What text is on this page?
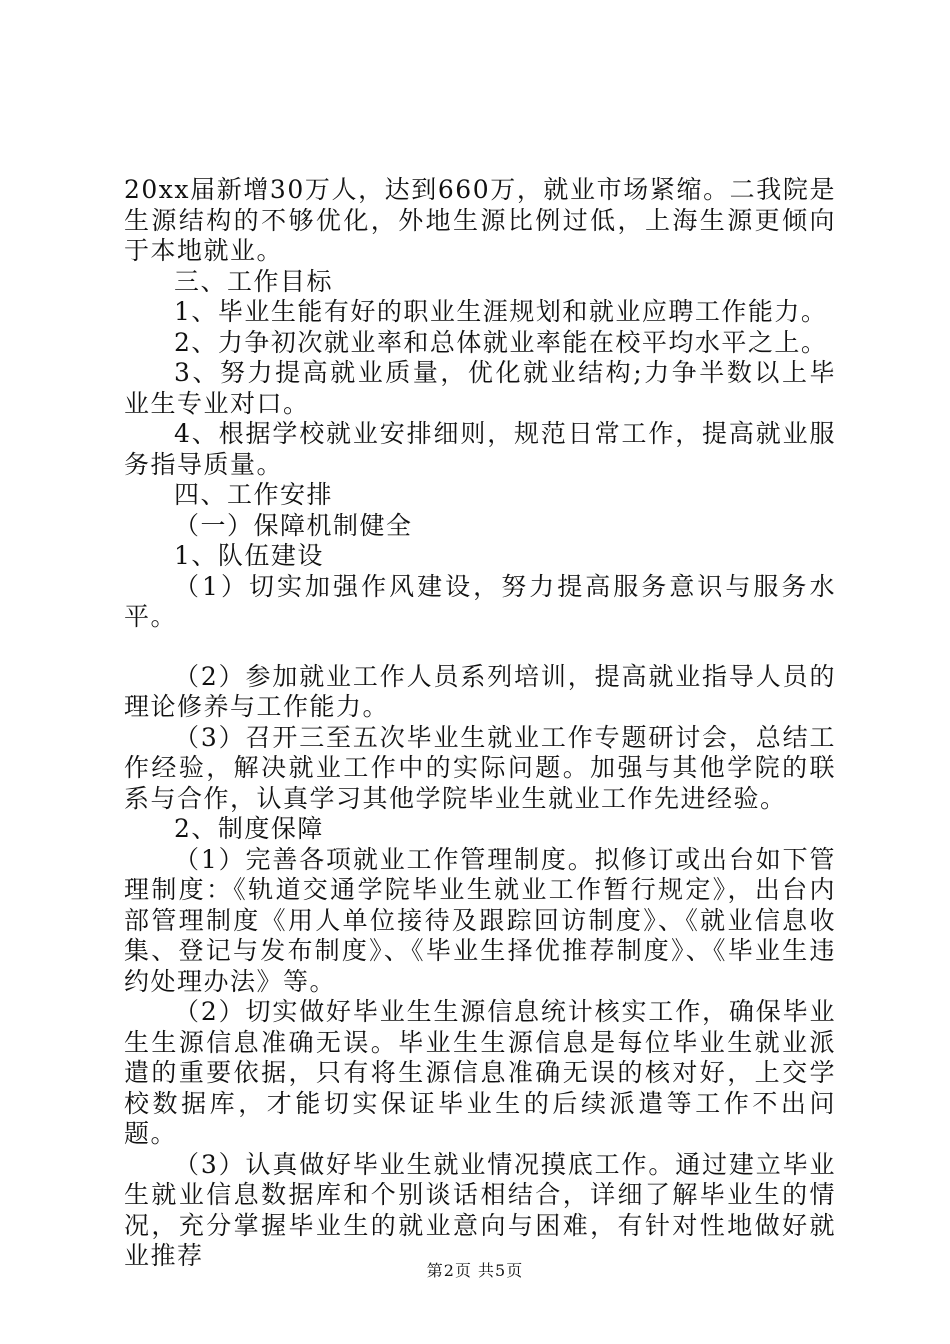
20xx届新增30万人，达到660万，就业市场紧缩。二我院是生源结构的不够优化，外地生源比例过低，上海生源更倾向于本地就业。

三、工作目标

1、毕业生能有好的职业生涯规划和就业应聘工作能力。

2、力争初次就业率和总体就业率能在校平均水平之上。

3、努力提高就业质量，优化就业结构;力争半数以上毕业生专业对口。

4、根据学校就业安排细则，规范日常工作，提高就业服务指导质量。

四、工作安排

（一）保障机制健全

1、队伍建设

（1）切实加强作风建设，努力提高服务意识与服务水平。

（2）参加就业工作人员系列培训，提高就业指导人员的理论修养与工作能力。

（3）召开三至五次毕业生就业工作专题研讨会，总结工作经验，解决就业工作中的实际问题。加强与其他学院的联系与合作，认真学习其他学院毕业生就业工作先进经验。

2、制度保障

（1）完善各项就业工作管理制度。拟修订或出台如下管理制度：《轨道交通学院毕业生就业工作暂行规定》，出台内部管理制度《用人单位接待及跟踪回访制度》、《就业信息收集、登记与发布制度》、《毕业生择优推荐制度》、《毕业生违约处理办法》等。

（2）切实做好毕业生生源信息统计核实工作，确保毕业生生源信息准确无误。毕业生生源信息是每位毕业生就业派遣的重要依据，只有将生源信息准确无误的核对好，上交学校数据库，才能切实保证毕业生的后续派遣等工作不出问题。

（3）认真做好毕业生就业情况摸底工作。通过建立毕业生就业信息数据库和个别谈话相结合，详细了解毕业生的情况，充分掌握毕业生的就业意向与困难，有针对性地做好就业推荐

第2页 共5页
